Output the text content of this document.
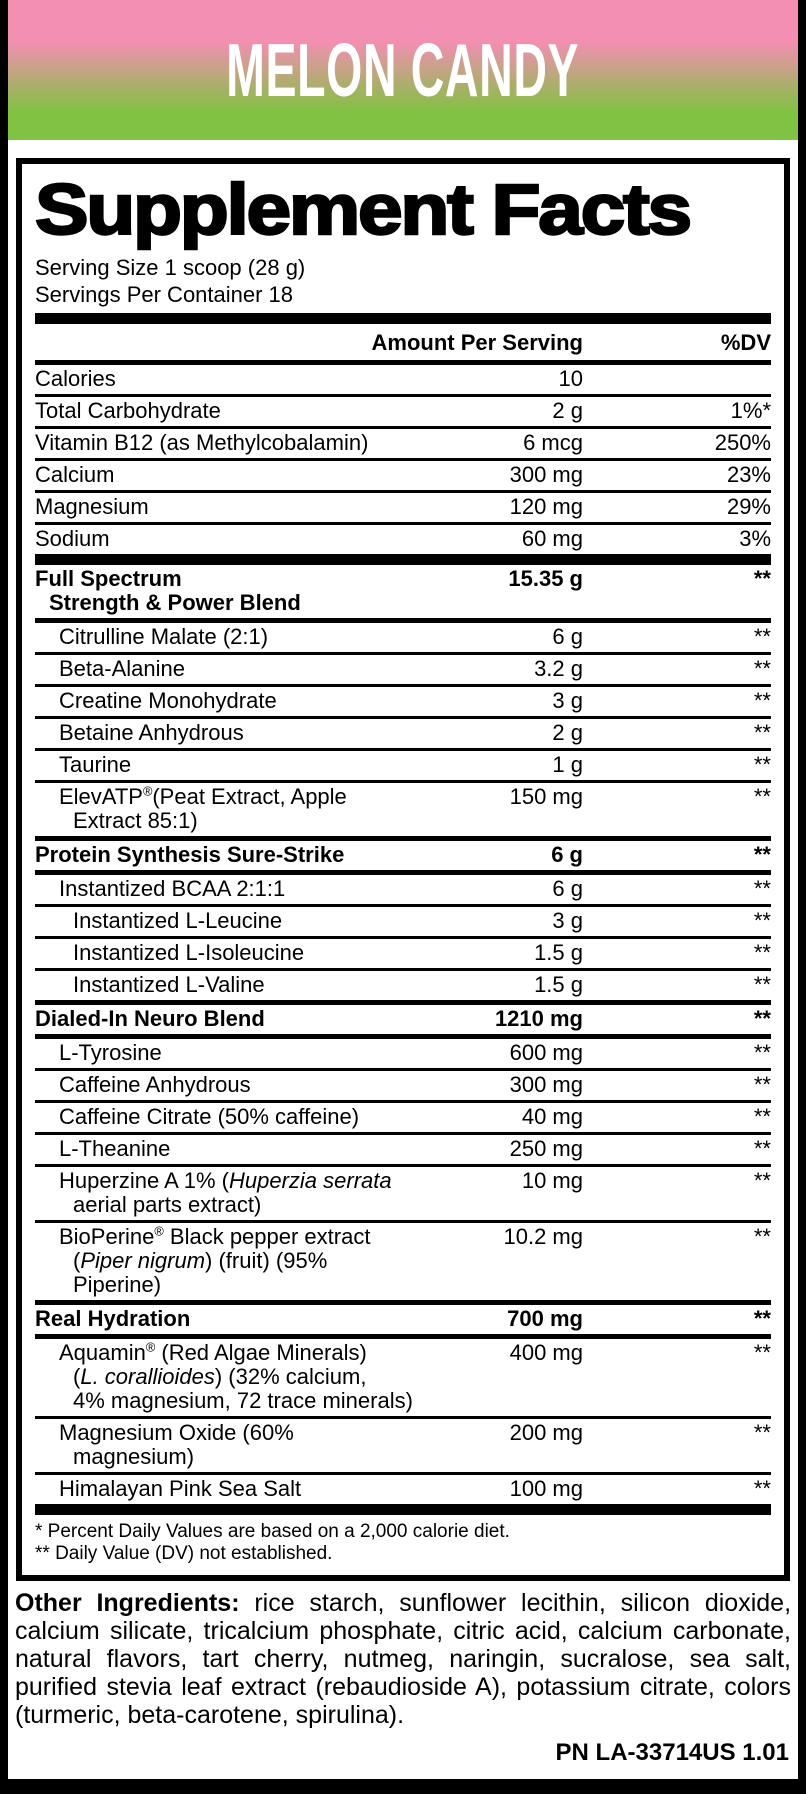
MELON CANDY
Supplement Facts
Serving Size 1 scoop (28 g)
Servings Per Container 18
Amount Per Serving	%DV
Calories	10
Total Carbohydrate	2 g	1%*
Vitamin B12 (as Methylcobalamin)	6 mcg	250%
Calcium	300 mg	23%
Magnesium	120 mg	29%
Sodium	60 mg	3%
Full Spectrum
Strength & Power Blend
15.35 g	**
Citrulline Malate (2:1)	6 g	**
Beta-Alanine	3.2 g	**
Creatine Monohydrate	3 g	**
Betaine Anhydrous	2 g	**
Taurine	1 g	**
ElevATP®(Peat Extract, Apple Extract 85:1)
150 mg	**
Protein Synthesis Sure-Strike	6 g	**
Instantized BCAA 2:1:1	6 g	**
Instantized L-Leucine	3 g	**
Instantized L-Isoleucine	1.5 g	**
Instantized L-Valine	1.5 g	**
Dialed-In Neuro Blend	1210 mg	**
L-Tyrosine	600 mg	**
Caffeine Anhydrous	300 mg	**
Caffeine Citrate (50% caffeine)	40 mg	**
L-Theanine	250 mg	**
Huperzine A 1% (Huperzia serrata
aerial parts extract)
10 mg	**
BioPerine® Black pepper extract
(Piper nigrum) (fruit) (95% Piperine)
10.2 mg	**
Real Hydration	700 mg	**
Aquamin® (Red Algae Minerals)
(L. corallioides) (32% calcium,
4% magnesium, 72 trace minerals)
400 mg	**
Magnesium Oxide (60% magnesium)
200 mg	**
Himalayan Pink Sea Salt	100 mg	**
* Percent Daily Values are based on a 2,000 calorie diet.
** Daily Value (DV) not established.

Other Ingredients: rice starch, sunflower lecithin, silicon dioxide, calcium silicate, tricalcium phosphate, citric acid, calcium carbonate, natural flavors, tart cherry, nutmeg, naringin, sucralose, sea salt, purified stevia leaf extract (rebaudioside A), potassium citrate, colors (turmeric, beta-carotene, spirulina).

PN LA-33714US 1.01
